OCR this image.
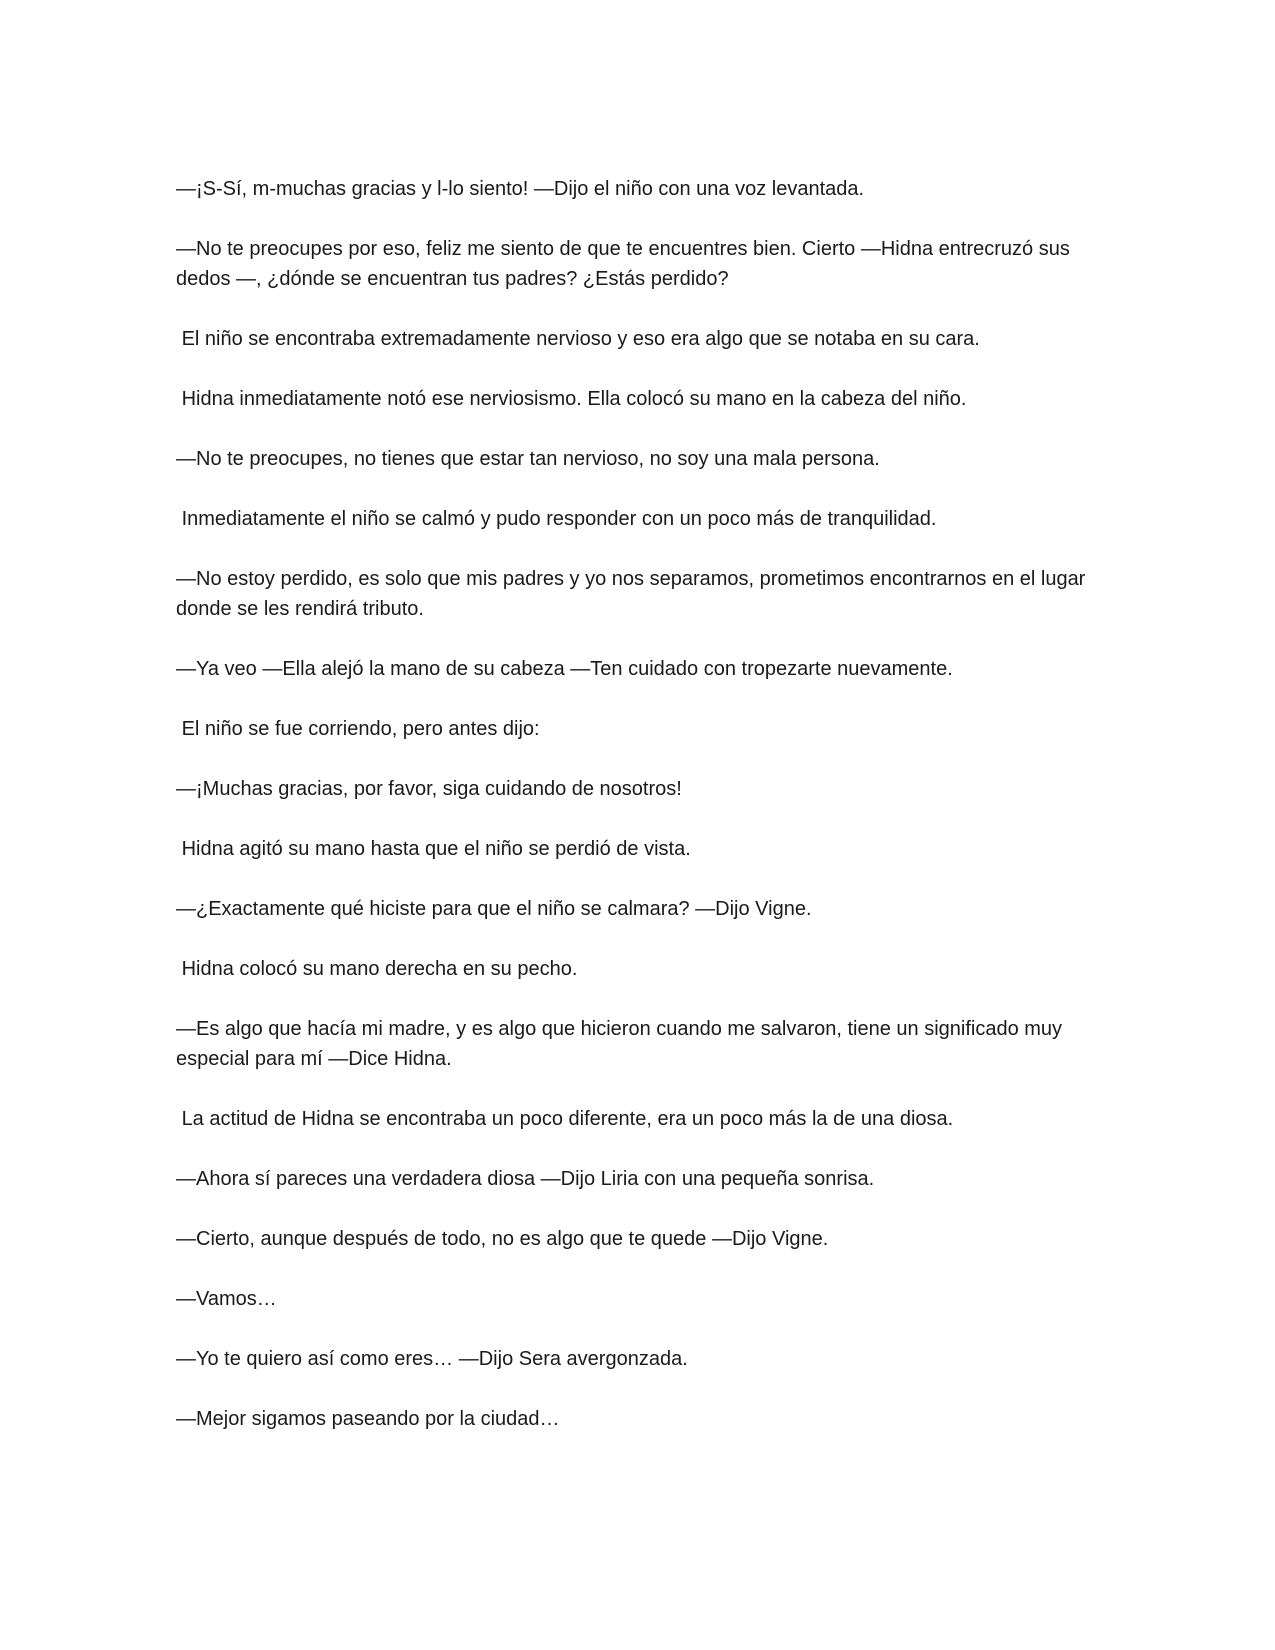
—¡S-Sí, m-muchas gracias y l-lo siento! —Dijo el niño con una voz levantada.

—No te preocupes por eso, feliz me siento de que te encuentres bien. Cierto —Hidna entrecruzó sus dedos —, ¿dónde se encuentran tus padres? ¿Estás perdido?

El niño se encontraba extremadamente nervioso y eso era algo que se notaba en su cara.

Hidna inmediatamente notó ese nerviosismo. Ella colocó su mano en la cabeza del niño.

—No te preocupes, no tienes que estar tan nervioso, no soy una mala persona.

Inmediatamente el niño se calmó y pudo responder con un poco más de tranquilidad.

—No estoy perdido, es solo que mis padres y yo nos separamos, prometimos encontrarnos en el lugar donde se les rendirá tributo.

—Ya veo —Ella alejó la mano de su cabeza —Ten cuidado con tropezarte nuevamente.

El niño se fue corriendo, pero antes dijo:

—¡Muchas gracias, por favor, siga cuidando de nosotros!

Hidna agitó su mano hasta que el niño se perdió de vista.

—¿Exactamente qué hiciste para que el niño se calmara? —Dijo Vigne.

Hidna colocó su mano derecha en su pecho.

—Es algo que hacía mi madre, y es algo que hicieron cuando me salvaron, tiene un significado muy especial para mí —Dice Hidna.

La actitud de Hidna se encontraba un poco diferente, era un poco más la de una diosa.

—Ahora sí pareces una verdadera diosa —Dijo Liria con una pequeña sonrisa.

—Cierto, aunque después de todo, no es algo que te quede —Dijo Vigne.

—Vamos…

—Yo te quiero así como eres… —Dijo Sera avergonzada.

—Mejor sigamos paseando por la ciudad…
